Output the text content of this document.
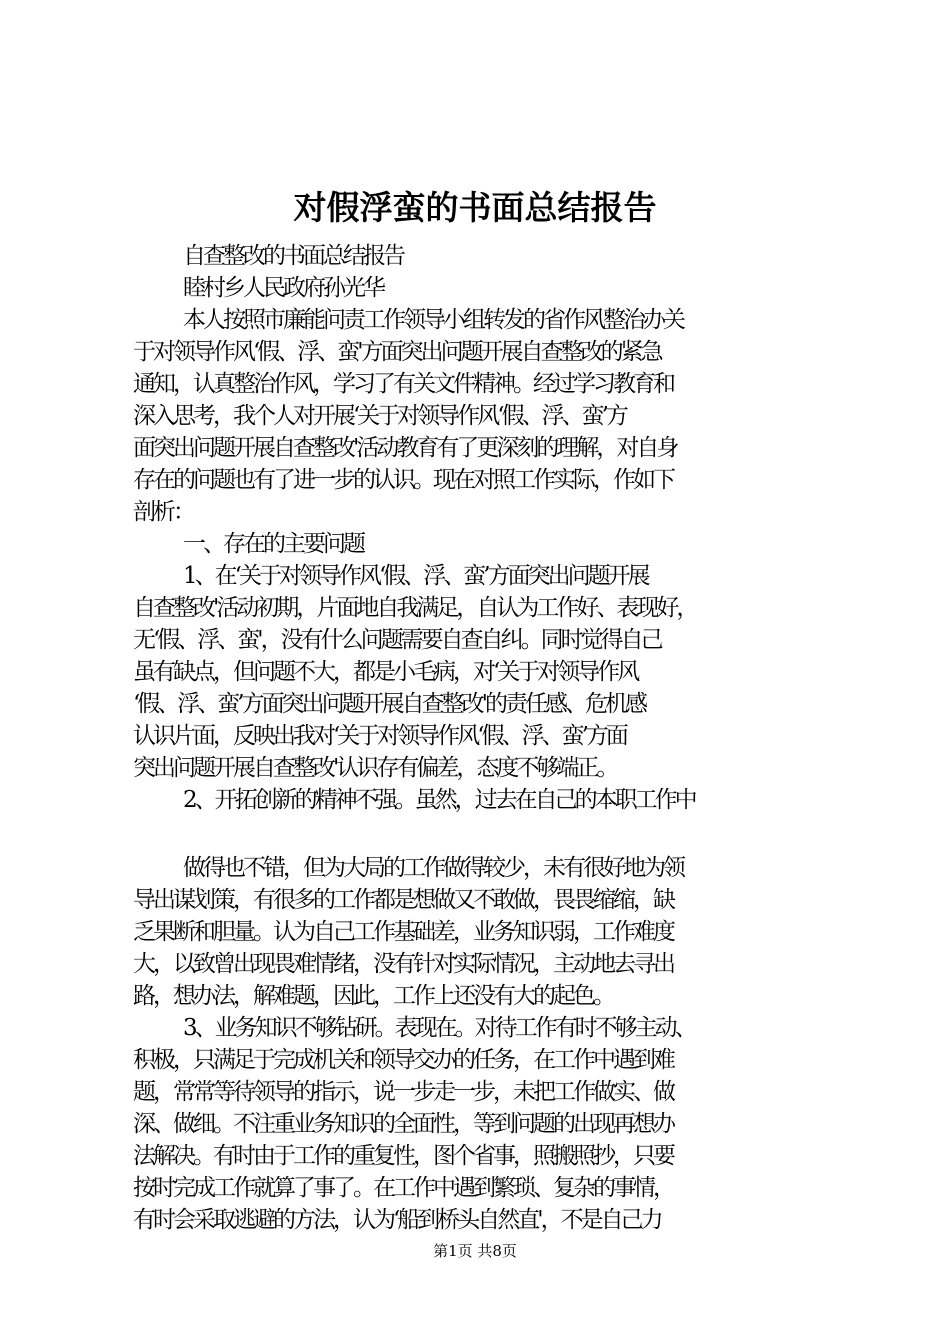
对假浮蛮的书面总结报告
自查整改的书面总结报告
睦村乡人民政府孙光华
本人按照市廉能问责工作领导小组转发的省作风整治办关
于对领导作风‘假、浮、蛮'方面突出问题开展自查整改的紧急
通知，认真整治作风，学习了有关文件精神。经过学习教育和
深入思考，我个人对开展‘关于对领导作风‘假、浮、蛮’方
面突出问题开展自查整改'活动教育有了更深刻的理解，对自身
存在的问题也有了进一步的认识。现在对照工作实际，作如下
剖析：
一、存在的主要问题
1、在‘关于对领导作风‘假、浮、蛮’方面突出问题开展
自查整改'活动初期，片面地自我满足，自认为工作好、表现好，
无‘假、浮、蛮'，没有什么问题需要自查自纠。同时觉得自己
虽有缺点，但问题不大，都是小毛病，对‘关于对领导作风
‘假、浮、蛮’方面突出问题开展自查整改'的责任感、危机感
认识片面，反映出我对‘关于对领导作风‘假、浮、蛮’方面
突出问题开展自查整改'认识存有偏差，态度不够端正。
2、开拓创新的精神不强。虽然，过去在自己的本职工作中
做得也不错，但为大局的工作做得较少，未有很好地为领
导出谋划策，有很多的工作都是想做又不敢做，畏畏缩缩，缺
乏果断和胆量。认为自己工作基础差，业务知识弱，工作难度
大，以致曾出现畏难情绪，没有针对实际情况，主动地去寻出
路，想办法，解难题，因此，工作上还没有大的起色。
3、业务知识不够钻研。表现在。对待工作有时不够主动、
积极，只满足于完成机关和领导交办的任务，在工作中遇到难
题，常常等待领导的指示，说一步走一步，未把工作做实、做
深、做细。不注重业务知识的全面性，等到问题的出现再想办
法解决。有时由于工作的重复性，图个省事，照搬照抄，只要
按时完成工作就算了事了。在工作中遇到繁琐、复杂的事情，
有时会采取逃避的方法，认为‘船到桥头自然直'，不是自己力
第1页 共8页
